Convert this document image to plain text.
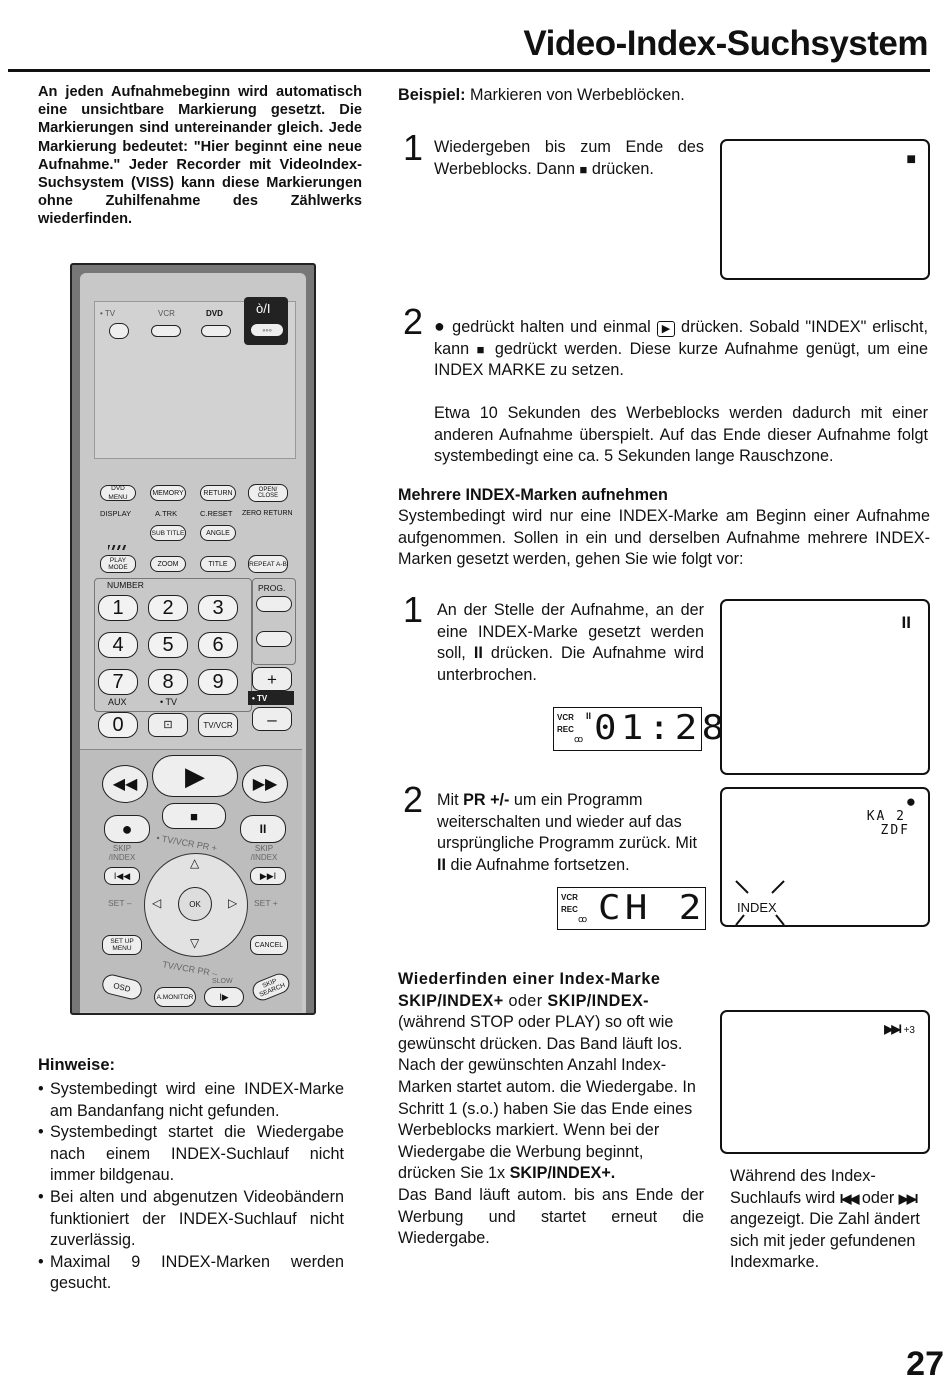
Video-Index-Suchsystem
An jeden Aufnahmebeginn wird automatisch eine unsichtbare Markierung gesetzt. Die Markierungen sind untereinander gleich. Jede Markierung bedeutet: "Hier beginnt eine neue Aufnahme." Jeder Recorder mit VideoIndex-Suchsystem (VISS) kann diese Markierungen ohne Zuhilfenahme des Zählwerks wiederfinden.
• TV	VCR	DVD	ò/I
◦◦◦
DVD MENU
MEMORY	RETURN	OPEN/ CLOSE
DISPLAY	A.TRK	C.RESET ZERO RETURN
SUB TITLE	ANGLE
PLAY MODE	ZOOM	TITLE	REPEAT A-B
NUMBER	PROG.
1	2	3
4	5	6
7	8	9	+
• TV
–
AUX	• TV
0	⊡	TV/VCR
◀◀	▶	▶▶
■
●	II
SKIP /INDEX
SKIP /INDEX
• TV/VCR PR +
I◀◀	▶▶I
△
▽
◁	▷
OK
SET –	SET +
SET UP MENU	CANCEL
TV/VCR PR –
OSD
A.MONITOR
SLOW
I▶
SKIP SEARCH
Hinweise:
• Systembedingt wird eine INDEX-Marke am Bandanfang nicht gefunden.
• Systembedingt startet die Wiedergabe nach einem INDEX-Suchlauf nicht immer bildgenau.
• Bei alten und abgenutzen Videobändern funktioniert der INDEX-Suchlauf nicht zuverlässig.
• Maximal 9 INDEX-Marken werden gesucht.
Beispiel: Markieren von Werbeblöcken.
1 Wiedergeben bis zum Ende des Werbeblocks. Dann ■ drücken.
■
2 ● gedrückt halten und einmal ▶ drücken. Sobald "INDEX" erlischt, kann ■ gedrückt werden. Diese kurze Aufnahme genügt, um eine INDEX MARKE zu setzen.
Etwa 10 Sekunden des Werbeblocks werden dadurch mit einer anderen Aufnahme überspielt. Auf das Ende dieser Aufnahme folgt systembedingt eine ca. 5 Sekunden lange Rauschzone.
Mehrere INDEX-Marken aufnehmen
Systembedingt wird nur eine INDEX-Marke am Beginn einer Aufnahme aufgenommen. Sollen in ein und derselben Aufnahme mehrere INDEX-Marken gesetzt werden, gehen Sie wie folgt vor:
1 An der Stelle der Aufnahme, an der eine INDEX-Marke gesetzt werden soll, II drücken. Die Aufnahme wird unterbrochen.
II
VCR
REC
ꝏ
II 01:28
2 Mit PR +/- um ein Programm weiterschalten und wieder auf das ursprüngliche Programm zurück. Mit II die Aufnahme fortsetzen.
VCR
REC
ꝏ CH 2
●
KA 2
ZDF
INDEX
Wiederfinden einer Index-Marke
SKIP/INDEX+ oder SKIP/INDEX-
(während STOP oder PLAY) so oft wie gewünscht drücken. Das Band läuft los. Nach der gewünschten Anzahl Index-Marken startet autom. die Wiedergabe. In Schritt 1 (s.o.) haben Sie das Ende eines Werbeblocks markiert. Wenn bei der Wiedergabe die Werbung beginnt, drücken Sie 1x SKIP/INDEX+.
Das Band läuft autom. bis ans Ende der Werbung und startet erneut die Wiedergabe.
▶▶I +3
Während des Index-Suchlaufs wird I◀◀ oder ▶▶I angezeigt. Die Zahl ändert sich mit jeder gefundenen Indexmarke.
27
